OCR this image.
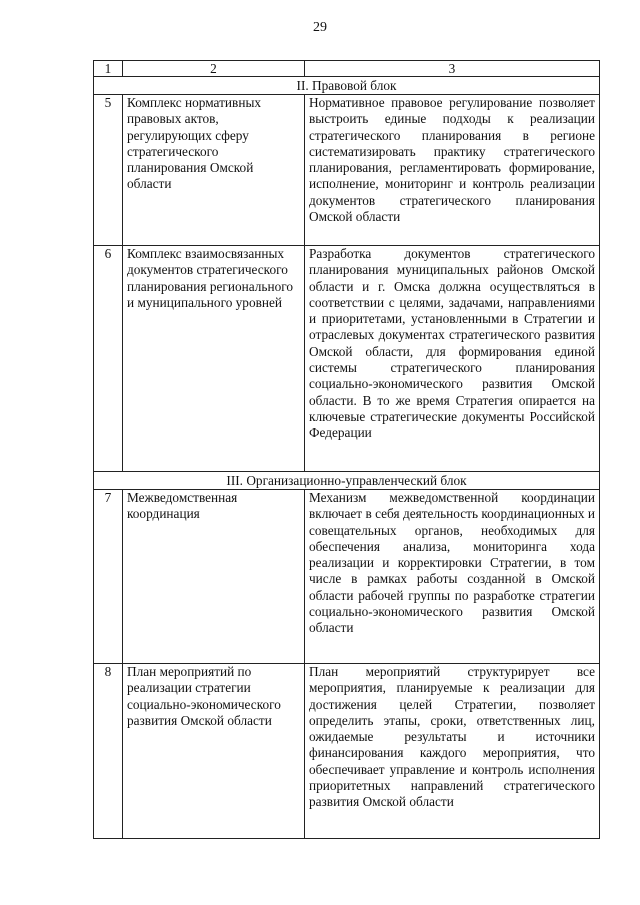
29
1	2	3
II. Правовой блок		
5	Комплекс нормативных правовых актов, регулирующих сферу стратегического планирования Омской области	Нормативное правовое регулирование позволяет выстроить единые подходы к реализации стратегического планирования в регионе систематизировать практику стратегического планирования, регламентировать формирование, исполнение, мониторинг и контроль реализации документов стратегического планирования Омской области
6	Комплекс взаимосвязанных документов стратегического планирования регионального и муниципального уровней	Разработка документов стратегического планирования муниципальных районов Омской области и г. Омска должна осуществляться в соответствии с целями, задачами, направлениями и приоритетами, установленными в Стратегии и отраслевых документах стратегического развития Омской области, для формирования единой системы стратегического планирования социально-экономического развития Омской области. В то же время Стратегия опирается на ключевые стратегические документы Российской Федерации
III. Организационно-управленческий блок		
7	Межведомственная координация	Механизм межведомственной координации включает в себя деятельность координационных и совещательных органов, необходимых для обеспечения анализа, мониторинга хода реализации и корректировки Стратегии, в том числе в рамках работы созданной в Омской области рабочей группы по разработке стратегии социально-экономического развития Омской области
8	План мероприятий по реализации стратегии социально-экономического развития Омской области	План мероприятий структурирует все мероприятия, планируемые к реализации для достижения целей Стратегии, позволяет определить этапы, сроки, ответственных лиц, ожидаемые результаты и источники финансирования каждого мероприятия, что обеспечивает управление и контроль исполнения приоритетных направлений стратегического развития Омской области
